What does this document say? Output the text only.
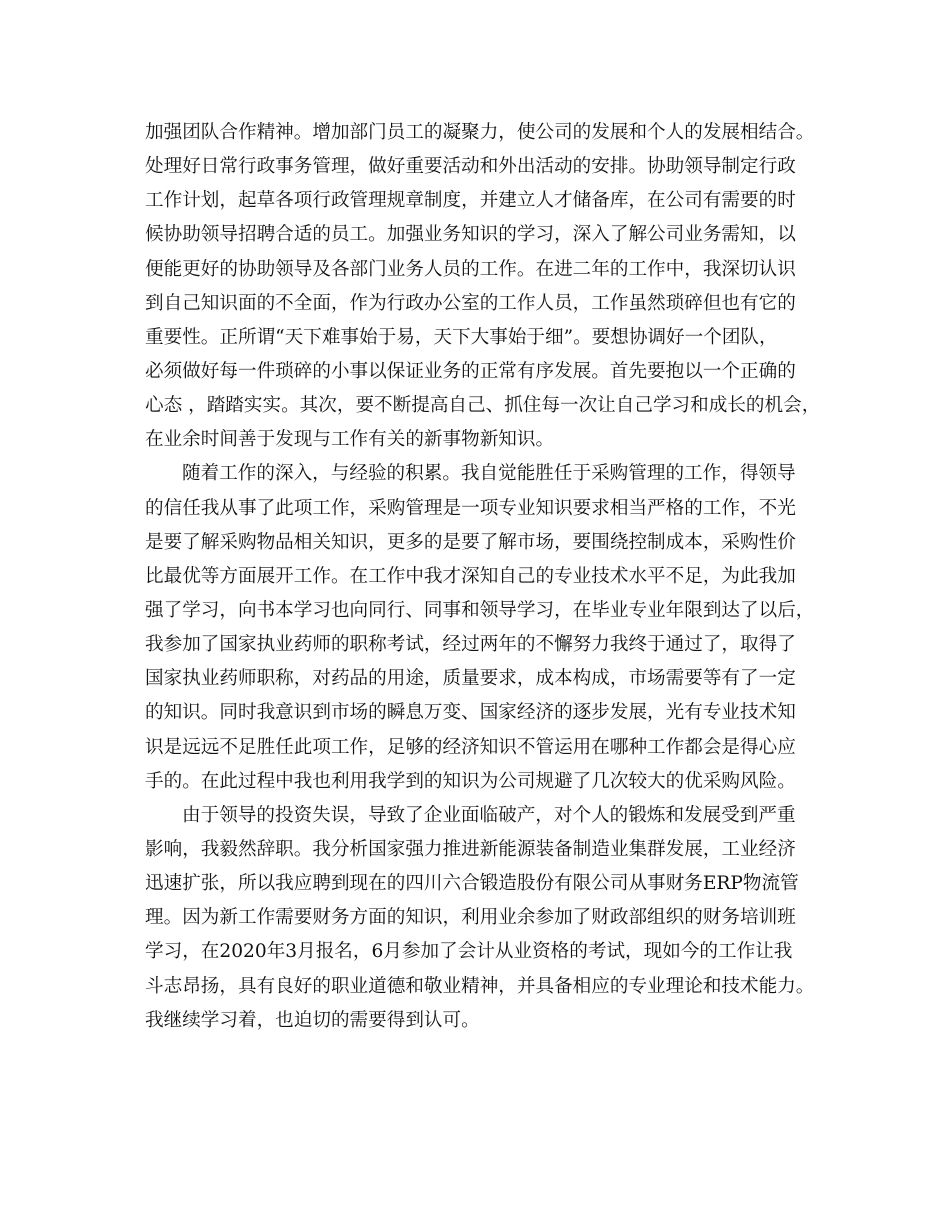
加强团队合作精神。增加部门员工的凝聚力，使公司的发展和个人的发展相结合。
处理好日常行政事务管理，做好重要活动和外出活动的安排。协助领导制定行政
工作计划，起草各项行政管理规章制度，并建立人才储备库，在公司有需要的时
候协助领导招聘合适的员工。加强业务知识的学习，深入了解公司业务需知，以
便能更好的协助领导及各部门业务人员的工作。在进二年的工作中，我深切认识
到自己知识面的不全面，作为行政办公室的工作人员，工作虽然琐碎但也有它的
重要性。正所谓“天下难事始于易，天下大事始于细”。要想协调好一个团队，
必须做好每一件琐碎的小事以保证业务的正常有序发展。首先要抱以一个正确的
心态 ，踏踏实实。其次，要不断提高自己、抓住每一次让自己学习和成长的机会，
在业余时间善于发现与工作有关的新事物新知识。
随着工作的深入，与经验的积累。我自觉能胜任于采购管理的工作，得领导
的信任我从事了此项工作，采购管理是一项专业知识要求相当严格的工作，不光
是要了解采购物品相关知识，更多的是要了解市场，要围绕控制成本，采购性价
比最优等方面展开工作。在工作中我才深知自己的专业技术水平不足，为此我加
强了学习，向书本学习也向同行、同事和领导学习，在毕业专业年限到达了以后，
我参加了国家执业药师的职称考试，经过两年的不懈努力我终于通过了，取得了
国家执业药师职称，对药品的用途，质量要求，成本构成，市场需要等有了一定
的知识。同时我意识到市场的瞬息万变、国家经济的逐步发展，光有专业技术知
识是远远不足胜任此项工作，足够的经济知识不管运用在哪种工作都会是得心应
手的。在此过程中我也利用我学到的知识为公司规避了几次较大的优采购风险。
由于领导的投资失误，导致了企业面临破产，对个人的锻炼和发展受到严重
影响，我毅然辞职。我分析国家强力推进新能源装备制造业集群发展，工业经济
迅速扩张，所以我应聘到现在的四川六合锻造股份有限公司从事财务ERP物流管
理。因为新工作需要财务方面的知识，利用业余参加了财政部组织的财务培训班
学习，在2020年3月报名，6月参加了会计从业资格的考试，现如今的工作让我
斗志昂扬，具有良好的职业道德和敬业精神，并具备相应的专业理论和技术能力。
我继续学习着，也迫切的需要得到认可。
